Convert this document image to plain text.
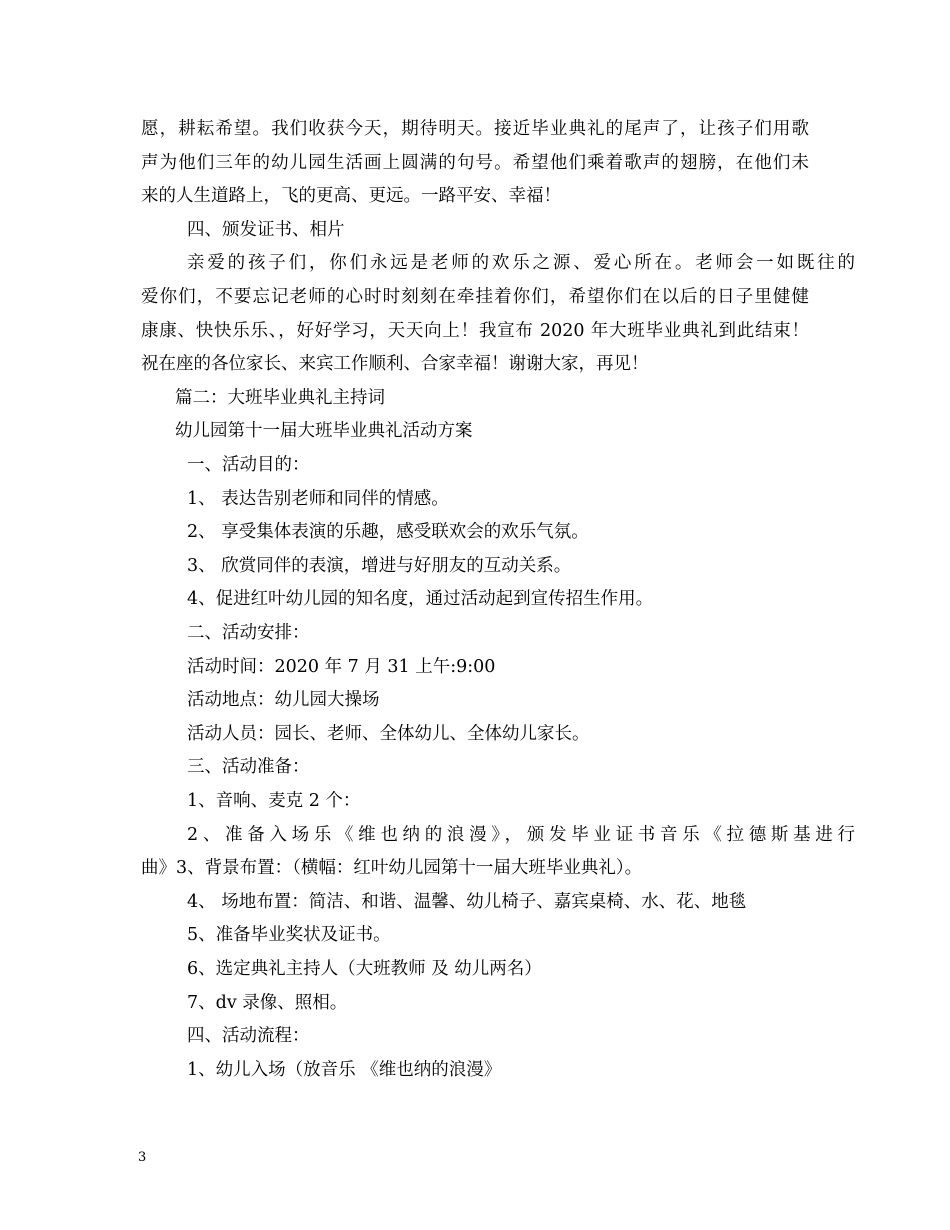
愿，耕耘希望。我们收获今天，期待明天。接近毕业典礼的尾声了，让孩子们用歌
声为他们三年的幼儿园生活画上圆满的句号。希望他们乘着歌声的翅膀，在他们未
来的人生道路上，飞的更高、更远。一路平安、幸福！
四、颁发证书、相片
亲爱的孩子们，你们永远是老师的欢乐之源、爱心所在。老师会一如既往的
爱你们，不要忘记老师的心时时刻刻在牵挂着你们，希望你们在以后的日子里健健
康康、快快乐乐、，好好学习，天天向上！我宣布 2020 年大班毕业典礼到此结束！
祝在座的各位家长、来宾工作顺利、合家幸福！谢谢大家，再见！
篇二：大班毕业典礼主持词
幼儿园第十一届大班毕业典礼活动方案
一、活动目的：
1、 表达告别老师和同伴的情感。
2、 享受集体表演的乐趣，感受联欢会的欢乐气氛。
3、 欣赏同伴的表演，增进与好朋友的互动关系。
4、促进红叶幼儿园的知名度，通过活动起到宣传招生作用。
二、活动安排：
活动时间：2020 年 7 月 31 上午:9:00
活动地点：幼儿园大操场
活动人员：园长、老师、全体幼儿、全体幼儿家长。
三、活动准备：
1、音响、麦克 2 个：
2、准备入场乐《维也纳的浪漫》，颁发毕业证书音乐《拉德斯基进行
曲》3、背景布置：（横幅：红叶幼儿园第十一届大班毕业典礼）。
4、 场地布置：简洁、和谐、温馨、幼儿椅子、嘉宾桌椅、水、花、地毯
5、准备毕业奖状及证书。
6、选定典礼主持人（大班教师 及 幼儿两名）
7、dv 录像、照相。
四、活动流程：
1、幼儿入场（放音乐 《维也纳的浪漫》
3
